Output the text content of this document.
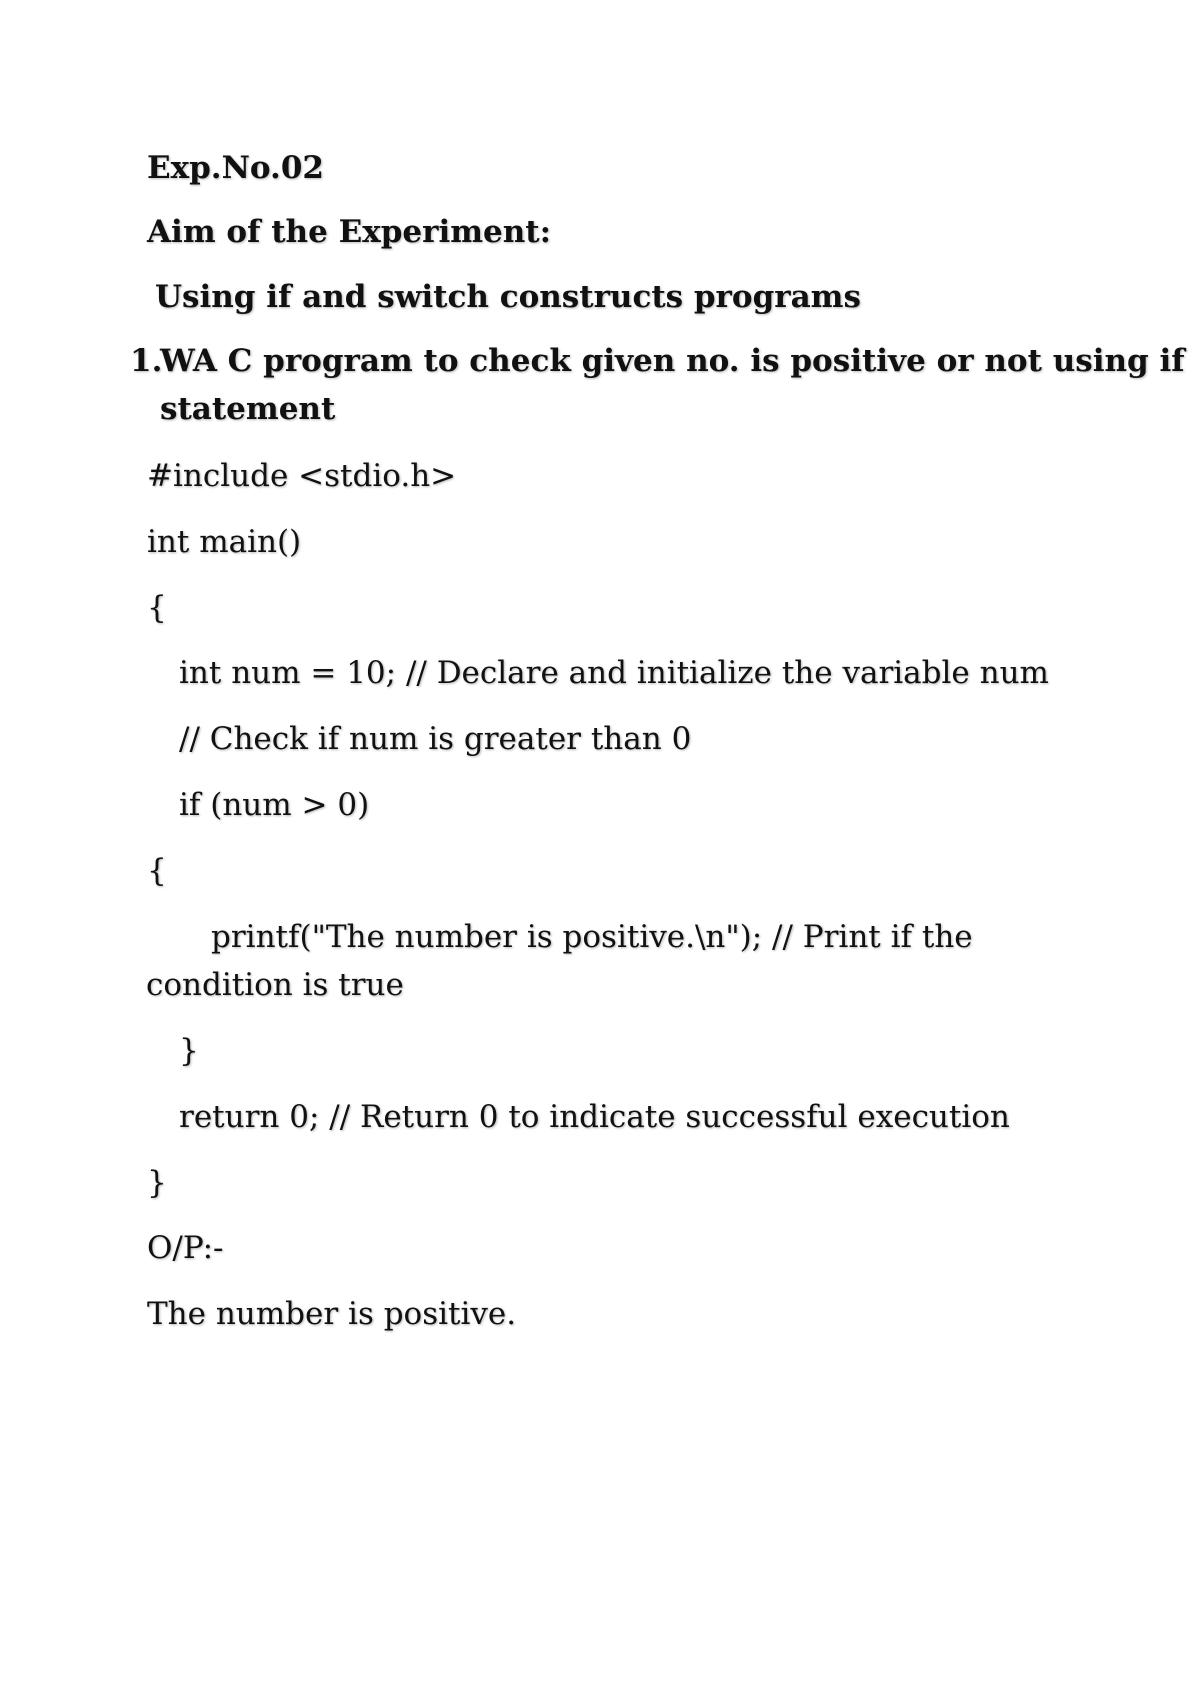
Exp.No.02
Aim of the Experiment:
Using if and switch constructs programs
1.
WA C program to check given no. is positive or not using if
statement
#include <stdio.h>
int main()
{
int num = 10; // Declare and initialize the variable num
// Check if num is greater than 0
if (num > 0)
{
printf("The number is positive.\n"); // Print if the
condition is true
}
return 0; // Return 0 to indicate successful execution
}
O/P:-
The number is positive.
